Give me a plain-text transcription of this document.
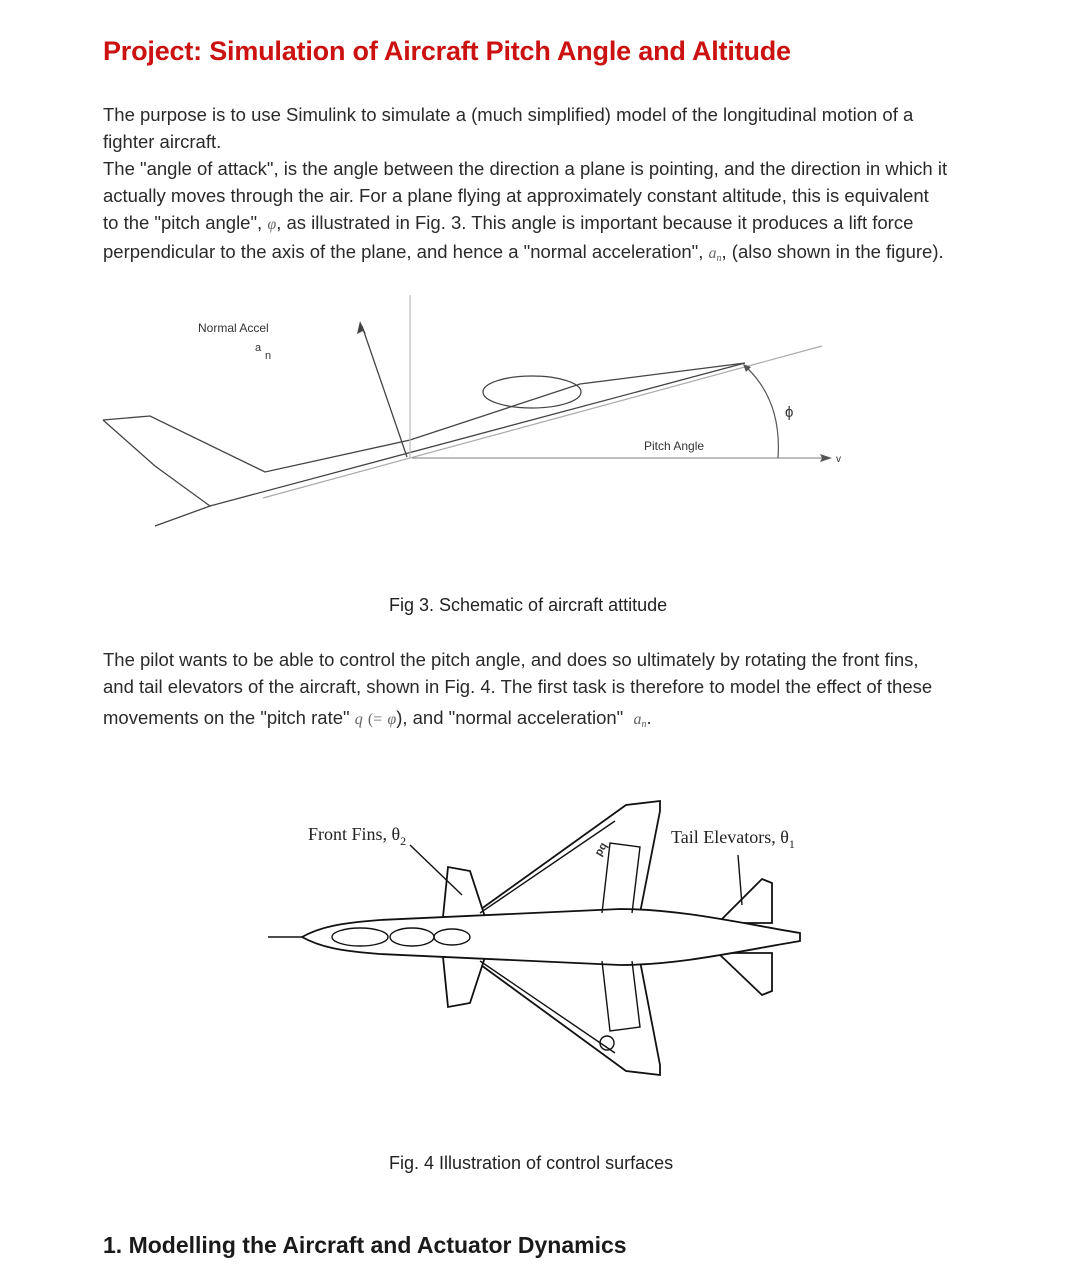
Project: Simulation of Aircraft Pitch Angle and Altitude
The purpose is to use Simulink to simulate a (much simplified) model of the longitudinal motion of a
fighter aircraft.
The "angle of attack", is the angle between the direction a plane is pointing, and the direction in which it
actually moves through the air. For a plane flying at approximately constant altitude, this is equivalent
to the "pitch angle", φ, as illustrated in Fig. 3. This angle is important because it produces a lift force
perpendicular to the axis of the plane, and hence a "normal acceleration", $a_n$, (also shown in the figure).
Normal Accel
a
n
Pitch Angle
ϕ
v
Fig 3. Schematic of aircraft attitude
The pilot wants to be able to control the pitch angle, and does so ultimately by rotating the front fins,
and tail elevators of the aircraft, shown in Fig. 4. The first task is therefore to model the effect of these
movements on the "pitch rate" q (= φ̇), and "normal acceleration" $a_n$.
pq
Front Fins, $\theta_2$	Tail Elevators, $\theta_1$
Fig. 4 Illustration of control surfaces
1. Modelling the Aircraft and Actuator Dynamics
